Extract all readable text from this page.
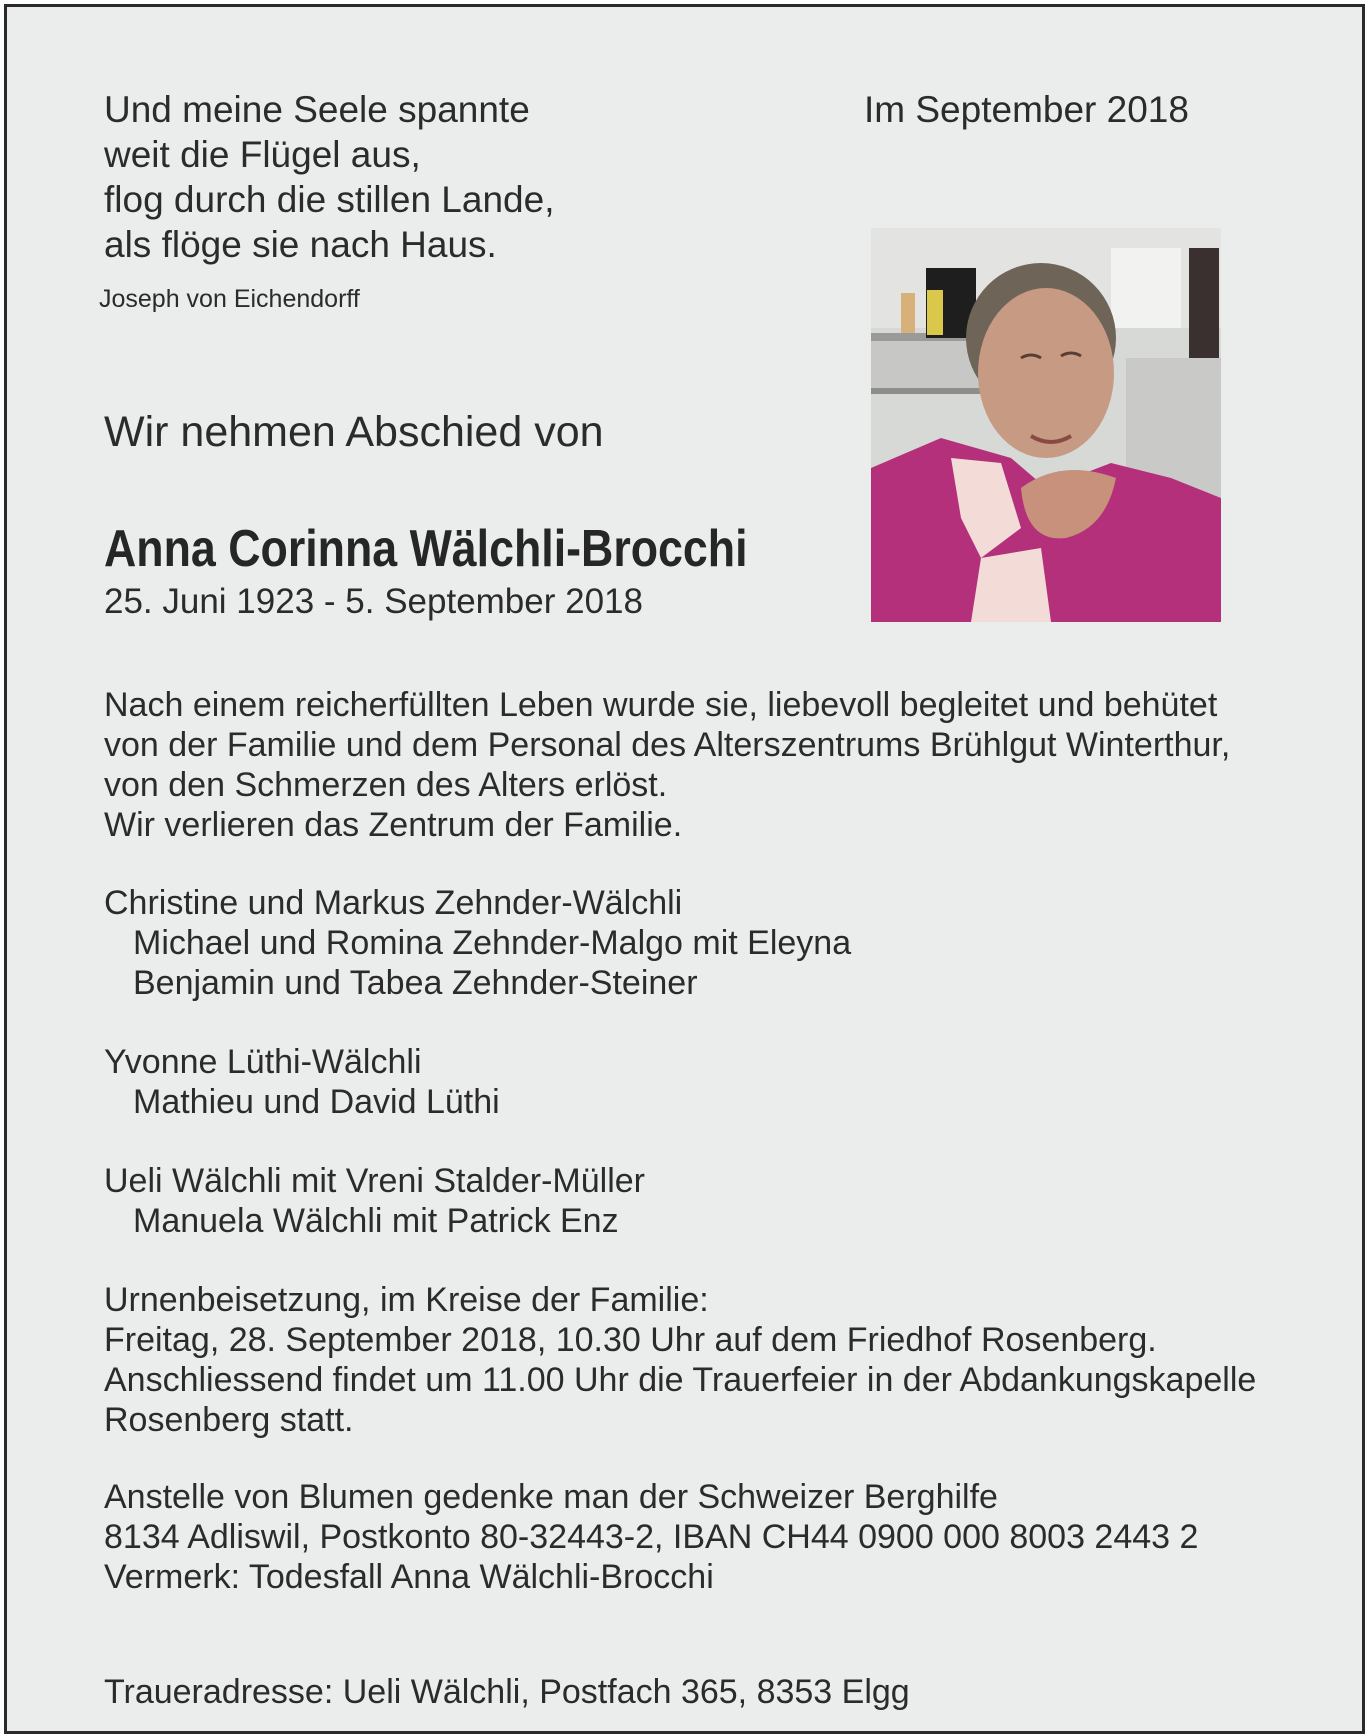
Und meine Seele spannte
weit die Flügel aus,
flog durch die stillen Lande,
als flöge sie nach Haus.
Joseph von Eichendorff
Im September 2018
Wir nehmen Abschied von
Anna Corinna Wälchli-Brocchi
25. Juni 1923 - 5. September 2018
Nach einem reicherfüllten Leben wurde sie, liebevoll begleitet und behütet
von der Familie und dem Personal des Alterszentrums Brühlgut Winterthur,
von den Schmerzen des Alters erlöst.
Wir verlieren das Zentrum der Familie.
Christine und Markus Zehnder-Wälchli
Michael und Romina Zehnder-Malgo mit Eleyna
Benjamin und Tabea Zehnder-Steiner
Yvonne Lüthi-Wälchli
Mathieu und David Lüthi
Ueli Wälchli mit Vreni Stalder-Müller
Manuela Wälchli mit Patrick Enz
Urnenbeisetzung, im Kreise der Familie:
Freitag, 28. September 2018, 10.30 Uhr auf dem Friedhof Rosenberg.
Anschliessend findet um 11.00 Uhr die Trauerfeier in der Abdankungskapelle
Rosenberg statt.
Anstelle von Blumen gedenke man der Schweizer Berghilfe
8134 Adliswil, Postkonto 80-32443-2, IBAN CH44 0900 000 8003 2443 2
Vermerk: Todesfall Anna Wälchli-Brocchi
Traueradresse: Ueli Wälchli, Postfach 365, 8353 Elgg
